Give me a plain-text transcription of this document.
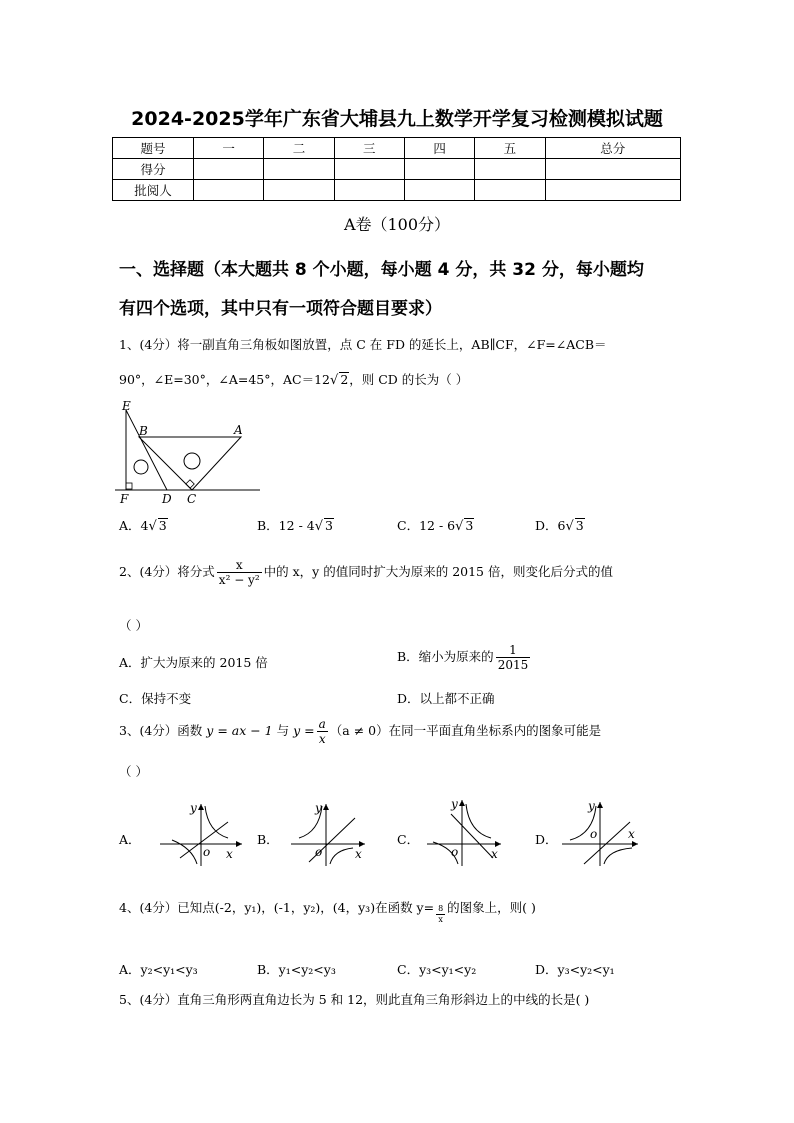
2024-2025学年广东省大埔县九上数学开学复习检测模拟试题
题号	一	二	三	四	五	总分
得分						
批阅人						
A卷（100分）
一、选择题（本大题共 8 个小题，每小题 4 分，共 32 分，每小题均
有四个选项，其中只有一项符合题目要求）
1、(4分）将一副直角三角板如图放置，点 C 在 FD 的延长上，AB∥CF，∠F=∠ACB＝
90°，∠E=30°，∠A=45°，AC＝12√ 2，则 CD 的长为（ ）
E
B	A
F	D C
A．4√ 3	B．12 - 4√ 3	C．12 - 6√ 3	D．6√ 3
2、(4分）将分式 $\frac{x}{\text{x² − y²}}$ 中的 x，y 的值同时扩大为原来的 2015 倍，则变化后分式的值
（ ）
A．扩大为原来的 2015 倍	B．缩小为原来的 $\frac{1}{2015}$
C．保持不变	D．以上都不正确
3、(4分）函数 y = ax − 1 与 $y = \frac{a}{x} (a \ne 0)$在同一平面直角坐标系内的图象可能是
（ ）
A．	B．	C．	D．
y
o x
y
o	x
y
o	x
y
o	x
4、(4分）已知点(-2，y₁)，(-1，y₂)，(4，y₃)在函数 $y= \frac{8}{x}$ 的图象上，则( )
A．y₂<y₁<y₃	B．y₁<y₂<y₃	C．y₃<y₁<y₂	D．y₃<y₂<y₁
5、(4分）直角三角形两直角边长为 5 和 12，则此直角三角形斜边上的中线的长是( )
